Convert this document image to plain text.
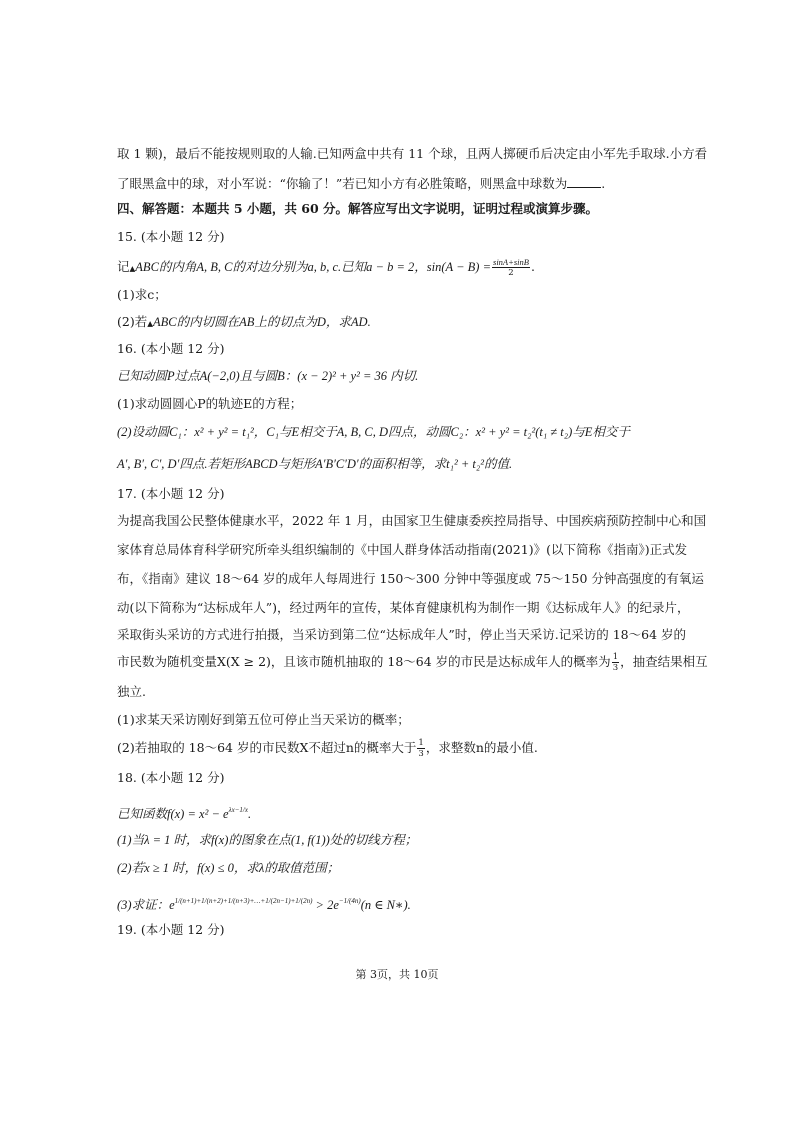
取 1 颗)，最后不能按规则取的人输.已知两盒中共有 11 个球，且两人掷硬币后决定由小军先手取球.小方看
了眼黑盒中的球，对小军说：“你输了！”若已知小方有必胜策略，则黑盒中球数为	.
四、解答题：本题共 5 小题，共 60 分。解答应写出文字说明，证明过程或演算步骤。
15. (本小题 12 分)
记▲ABC的内角A, B, C的对边分别为a, b, c.已知a − b = 2，$\sin(A - B) = \frac{\sin A+\sin B}{2}$ .
(1)求c；
(2)若▲ABC的内切圆在AB上的切点为D，求AD.
16. (本小题 12 分)
已知动圆P过点A(−2,0)且与圆B：(x − 2)² + y² = 36 内切.
(1)求动圆圆心P的轨迹E的方程；
(2)设动圆C₁：x² + y² = t₁²，C₁与E相交于A, B, C, D四点，动圆C₂：x² + y² = t₂²(t₁ ≠ t₂)与E相交于
A′, B′, C′, D′四点.若矩形ABCD与矩形A′B′C′D′的面积相等，求t₁² + t₂²的值.
17. (本小题 12 分)
为提高我国公民整体健康水平，2022 年 1 月，由国家卫生健康委疾控局指导、中国疾病预防控制中心和国
家体育总局体育科学研究所牵头组织编制的《中国人群身体活动指南(2021)》(以下简称《指南》)正式发
布，《指南》建议 18～64 岁的成年人每周进行 150～300 分钟中等强度或 75～150 分钟高强度的有氧运
动(以下简称为“达标成年人”)，经过两年的宣传，某体育健康机构为制作一期《达标成年人》的纪录片，
采取街头采访的方式进行拍摄，当采访到第二位“达标成年人”时，停止当天采访.记采访的 18～64 岁的
市民数为随机变量X(X ≥ 2)，且该市随机抽取的 18～64 岁的市民是达标成年人的概率为 $\frac{1}{3}$ ，抽查结果相互
独立.
(1)求某天采访刚好到第五位可停止当天采访的概率；
(2)若抽取的 18～64 岁的市民数X不超过n的概率大于 $\frac{1}{3}$ ，求整数n的最小值.
18. (本小题 12 分)
已知函数$f(x) = x^2 - e^{\lambda x-1/x}$.
(1)当λ = 1 时，求f(x)的图象在点(1, f(1))处的切线方程；
(2)若x ≥ 1 时，f(x) ≤ 0，求λ的取值范围；
(3)求证：$e^{1/(n+1)+1/(n+2)+1/(n+3)+\dots+1/(2n-1)+1/(2n)} > 2e^{-1/(4n)}(n$ ∈ N∗).
19. (本小题 12 分)
第 3页，共 10页
